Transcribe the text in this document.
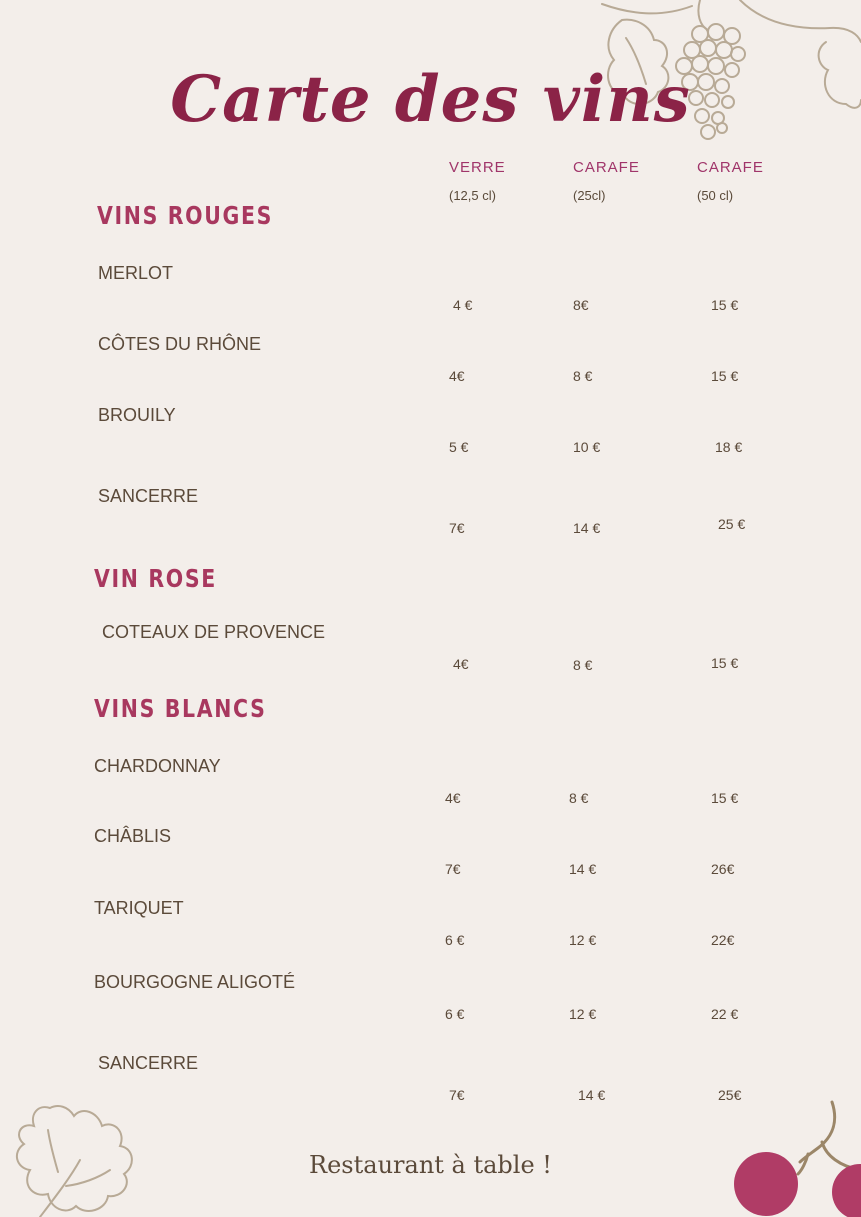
Carte des vins
VERRE
(12,5 cl)
CARAFE
(25cl)
CARAFE
(50 cl)
VINS ROUGES
MERLOT
4 €	8€	15 €
CÔTES DU RHÔNE
4€	8 €	15 €
BROUILY
5 €	10 €	18 €
SANCERRE
7€	14 €	25 €
VIN ROSE
COTEAUX DE PROVENCE
4€	8 €	15 €
VINS BLANCS
CHARDONNAY
4€	8 €	15 €
CHÂBLIS
7€	14 €	26€
TARIQUET
6 €	12 €	22€
BOURGOGNE ALIGOTÉ
6 €	12 €	22 €
SANCERRE
7€	14 €	25€
Restaurant à table !
